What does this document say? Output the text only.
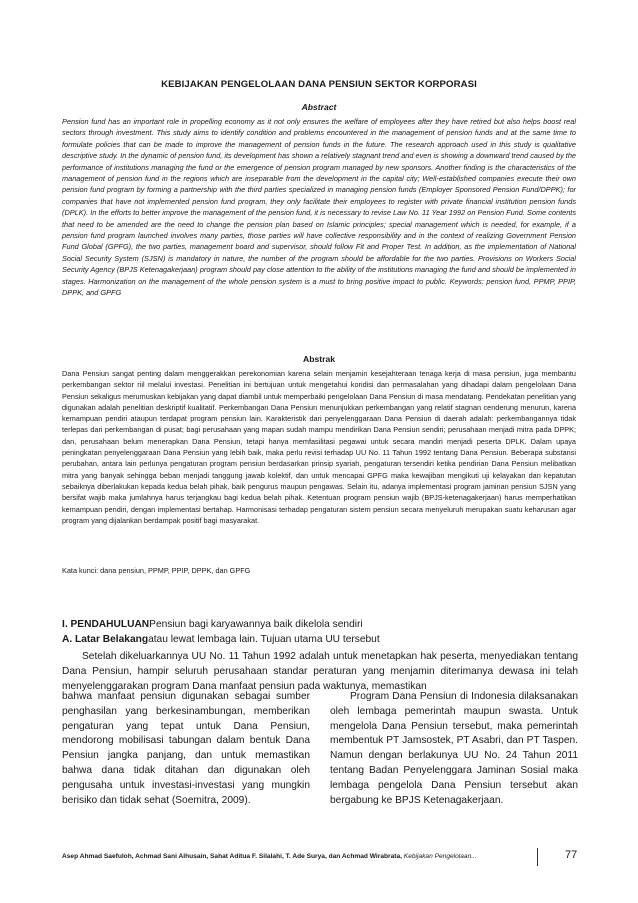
KEBIJAKAN PENGELOLAAN DANA PENSIUN SEKTOR KORPORASI
Abstract

Pension fund has an important role in propelling economy as it not only ensures the welfare of employees after they have retired but also helps boost real sectors through investment. This study aims to identify condition and problems encountered in the management of pension funds and at the same time to formulate policies that can be made to improve the management of pension funds in the future. The research approach used in this study is qualitative descriptive study. In the dynamic of pension fund, its development has shown a relatively stagnant trend and even is showing a downward trend caused by the performance of institutions managing the fund or the emergence of pension program managed by new sponsors. Another finding is the characteristics of the management of pension fund in the regions which are inseparable from the development in the capital city; Well-established companies execute their own pension fund program by forming a partnership with the third parties specialized in managing pension funds (Employer Sponsored Pension Fund/DPPK); for companies that have not implemented pension fund program, they only facilitate their employees to register with private financial institution pension funds (DPLK). In the efforts to better improve the management of the pension fund, it is necessary to revise Law No. 11 Year 1992 on Pension Fund. Some contents that need to be amended are the need to change the pension plan based on Islamic principles; special management which is needed, for example, if a pension fund program launched involves many parties, those parties will have collective responsibility and in the context of realizing Government Pension Fund Global (GPFG), the two parties, management board and supervisor, should follow Fit and Proper Test. In addition, as the implementation of National Social Security System (SJSN) is mandatory in nature, the number of the program should be affordable for the two parties. Provisions on Workers Social Security Agency (BPJS Ketenagakerjaan) program should pay close attention to the ability of the institutions managing the fund and should be implemented in stages. Harmonization on the management of the whole pension system is a must to bring positive impact to public. Keywords: pension fund, PPMP, PPIP, DPPK, and GPFG

Abstrak

Dana Pensiun sangat penting dalam menggerakkan perekonomian karena selain menjamin kesejahteraan tenaga kerja di masa pensiun, juga membantu perkembangan sektor riil melalui investasi. Penelitian ini bertujuan untuk mengetahui kondisi dan permasalahan yang dihadapi dalam pengelolaan Dana Pensiun sekaligus merumuskan kebijakan yang dapat diambil untuk memperbaiki pengelolaan Dana Pensiun di masa mendatang. Pendekatan penelitian yang digunakan adalah penelitian deskriptif kualitatif. Perkembangan Dana Pensiun menunjukkan perkembangan yang relatif stagnan cenderung menurun, karena kemampuan pendiri ataupun terdapat program pensiun lain. Karakteristik dari penyelenggaraan Dana Pensiun di daerah adalah: perkembangannya tidak terlepas dari perkembangan di pusat; bagi perusahaan yang mapan sudah mampu mendirikan Dana Pensiun sendiri; perusahaan menjadi mitra pada DPPK; dan, perusahaan belum menerapkan Dana Pensiun, tetapi hanya memfasilitasi pegawai untuk secara mandiri menjadi peserta DPLK. Dalam upaya peningkatan penyelenggaraan Dana Pensiun yang lebih baik, maka perlu revisi terhadap UU No. 11 Tahun 1992 tentang Dana Pensiun. Beberapa substansi perubahan, antara lain perlunya pengaturan program pensiun berdasarkan prinsip syariah, pengaturan tersendiri ketika pendirian Dana Pensiun melibatkan mitra yang banyak sehingga beban menjadi tanggung jawab kolektif, dan untuk mencapai GPFG maka kewajiban mengikuti uji kelayakan dan kepatutan sebaiknya diberlakukan kepada kedua belah pihak, baik pengurus maupun pengawas. Selain itu, adanya implementasi program jaminan pensiun SJSN yang bersifat wajib maka jumlahnya harus terjangkau bagi kedua belah pihak. Ketentuan program pensiun wajib (BPJS-ketenagakerjaan) harus memperhatikan kemampuan pendiri, dengan implementasi bertahap. Harmonisasi terhadap pengaturan sistem pensiun secara menyeluruh merupakan suatu keharusan agar program yang dijalankan berdampak positif bagi masyarakat.

Kata kunci: dana pensiun, PPMP, PPIP, DPPK, dan GPFG
I. PENDAHULUANPensiun bagi karyawannya baik dikelola sendiri
A. Latar Belakangatau lewat lembaga lain. Tujuan utama UU tersebut

Setelah dikeluarkannya UU No. 11 Tahun 1992 adalah untuk menetapkan hak peserta, menyediakan tentang Dana Pensiun, hampir seluruh perusahaan standar peraturan yang menjamin diterimanya dewasa ini telah menyelenggarakan program Dana manfaat pensiun pada waktunya, memastikan

bahwa manfaat pensiun digunakan sebagai sumber penghasilan yang berkesinambungan, memberikan pengaturan yang tepat untuk Dana Pensiun, mendorong mobilisasi tabungan dalam bentuk Dana Pensiun jangka panjang, dan untuk memastikan bahwa dana tidak ditahan dan digunakan oleh pengusaha untuk investasi-investasi yang mungkin berisiko dan tidak sehat (Soemitra, 2009).

Program Dana Pensiun di Indonesia dilaksanakan oleh lembaga pemerintah maupun swasta. Untuk mengelola Dana Pensiun tersebut, maka pemerintah membentuk PT Jamsostek, PT Asabri, dan PT Taspen. Namun dengan berlakunya UU No. 24 Tahun 2011 tentang Badan Penyelenggara Jaminan Sosial maka lembaga pengelola Dana Pensiun tersebut akan bergabung ke BPJS Ketenagakerjaan.

Asep Ahmad Saefuloh, Achmad Sani Alhusain, Sahat Aditua F. Silalahi, T. Ade Surya, dan Achmad Wirabrata, Kebijakan Pengelolaan...	77
